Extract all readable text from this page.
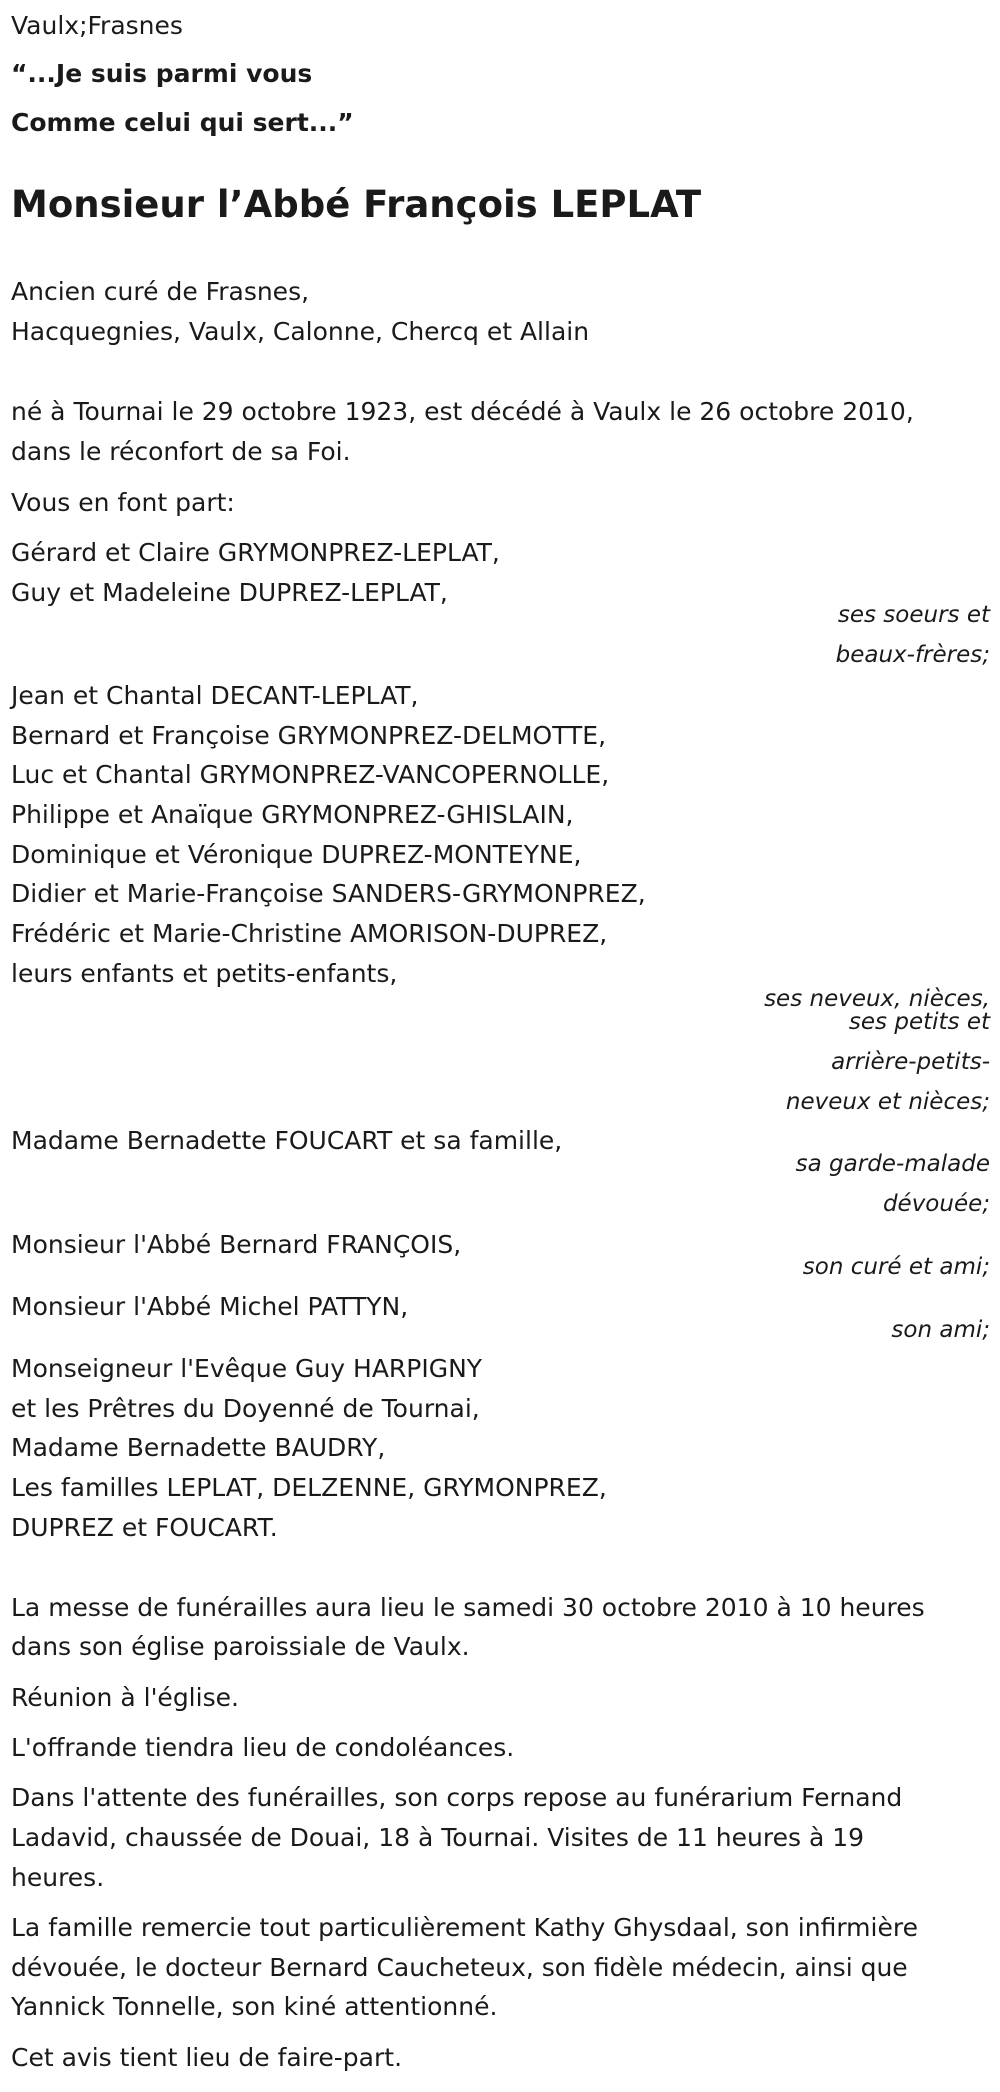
Vaulx;Frasnes
“...Je suis parmi vous
Comme celui qui sert...”
Monsieur l’Abbé François LEPLAT
Ancien curé de Frasnes,
Hacquegnies, Vaulx, Calonne, Chercq et Allain
né à Tournai le 29 octobre 1923, est décédé à Vaulx le 26 octobre 2010,
dans le réconfort de sa Foi.
Vous en font part:
Gérard et Claire GRYMONPREZ-LEPLAT,
Guy et Madeleine DUPREZ-LEPLAT,
ses soeurs et
beaux-frères;
Jean et Chantal DECANT-LEPLAT,
Bernard et Françoise GRYMONPREZ-DELMOTTE,
Luc et Chantal GRYMONPREZ-VANCOPERNOLLE,
Philippe et Anaïque GRYMONPREZ-GHISLAIN,
Dominique et Véronique DUPREZ-MONTEYNE,
Didier et Marie-Françoise SANDERS-GRYMONPREZ,
Frédéric et Marie-Christine AMORISON-DUPREZ,
leurs enfants et petits-enfants,
ses neveux, nièces,
ses petits et
arrière-petits-
neveux et nièces;
Madame Bernadette FOUCART et sa famille,
sa garde-malade
dévouée;
Monsieur l'Abbé Bernard FRANÇOIS,
son curé et ami;
Monsieur l'Abbé Michel PATTYN,
son ami;
Monseigneur l'Evêque Guy HARPIGNY
et les Prêtres du Doyenné de Tournai,
Madame Bernadette BAUDRY,
Les familles LEPLAT, DELZENNE, GRYMONPREZ,
DUPREZ et FOUCART.
La messe de funérailles aura lieu le samedi 30 octobre 2010 à 10 heures
dans son église paroissiale de Vaulx.
Réunion à l'église.
L'offrande tiendra lieu de condoléances.
Dans l'attente des funérailles, son corps repose au funérarium Fernand
Ladavid, chaussée de Douai, 18 à Tournai. Visites de 11 heures à 19
heures.
La famille remercie tout particulièrement Kathy Ghysdaal, son infirmière
dévouée, le docteur Bernard Caucheteux, son fidèle médecin, ainsi que
Yannick Tonnelle, son kiné attentionné.
Cet avis tient lieu de faire-part.
